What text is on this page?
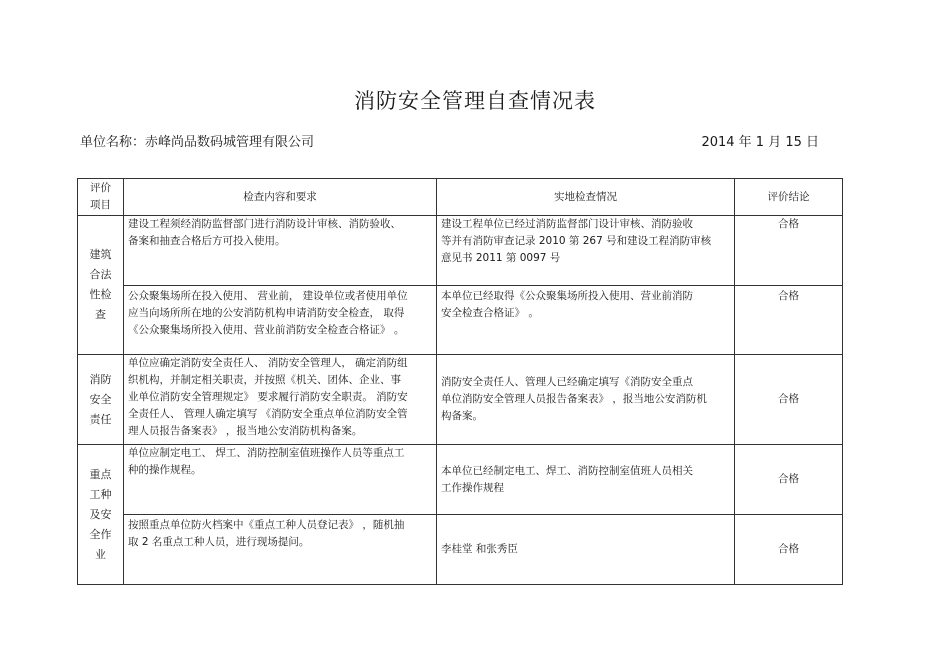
消防安全管理自查情况表
单位名称：赤峰尚品数码城管理有限公司	2014 年 1 月 15 日
评价
项目	检查内容和要求	实地检查情况	评价结论

建筑
合法
性检
查	建设工程须经消防监督部门进行消防设计审核、消防验收、
备案和抽查合格后方可投入使用。	建设工程单位已经过消防监督部门设计审核、消防验收
等并有消防审查记录 2010 第 267 号和建设工程消防审核
意见书 2011 第 0097 号	合格

	公众聚集场所在投入使用、 营业前， 建设单位或者使用单位
应当向场所所在地的公安消防机构申请消防安全检查， 取得
《公众聚集场所投入使用、营业前消防安全检查合格证》 。	本单位已经取得《公众聚集场所投入使用、营业前消防
安全检查合格证》 。	合格

消防
安全
责任	单位应确定消防安全责任人、 消防安全管理人， 确定消防组
织机构，并制定相关职责，并按照《机关、团体、企业、事
业单位消防安全管理规定》 要求履行消防安全职责。 消防安
全责任人、 管理人确定填写 《消防安全重点单位消防安全管
理人员报告备案表》 ，报当地公安消防机构备案。	消防安全责任人、管理人已经确定填写《消防安全重点
单位消防安全管理人员报告备案表》 ，报当地公安消防机
构备案。	合格

重点
工种
及安
全作
业	单位应制定电工、 焊工、消防控制室值班操作人员等重点工
种的操作规程。	本单位已经制定电工、焊工、消防控制室值班人员相关
工作操作规程	合格

	按照重点单位防火档案中《重点工种人员登记表》 ，随机抽
取 2 名重点工种人员，进行现场提问。	李桂堂 和张秀臣	合格
